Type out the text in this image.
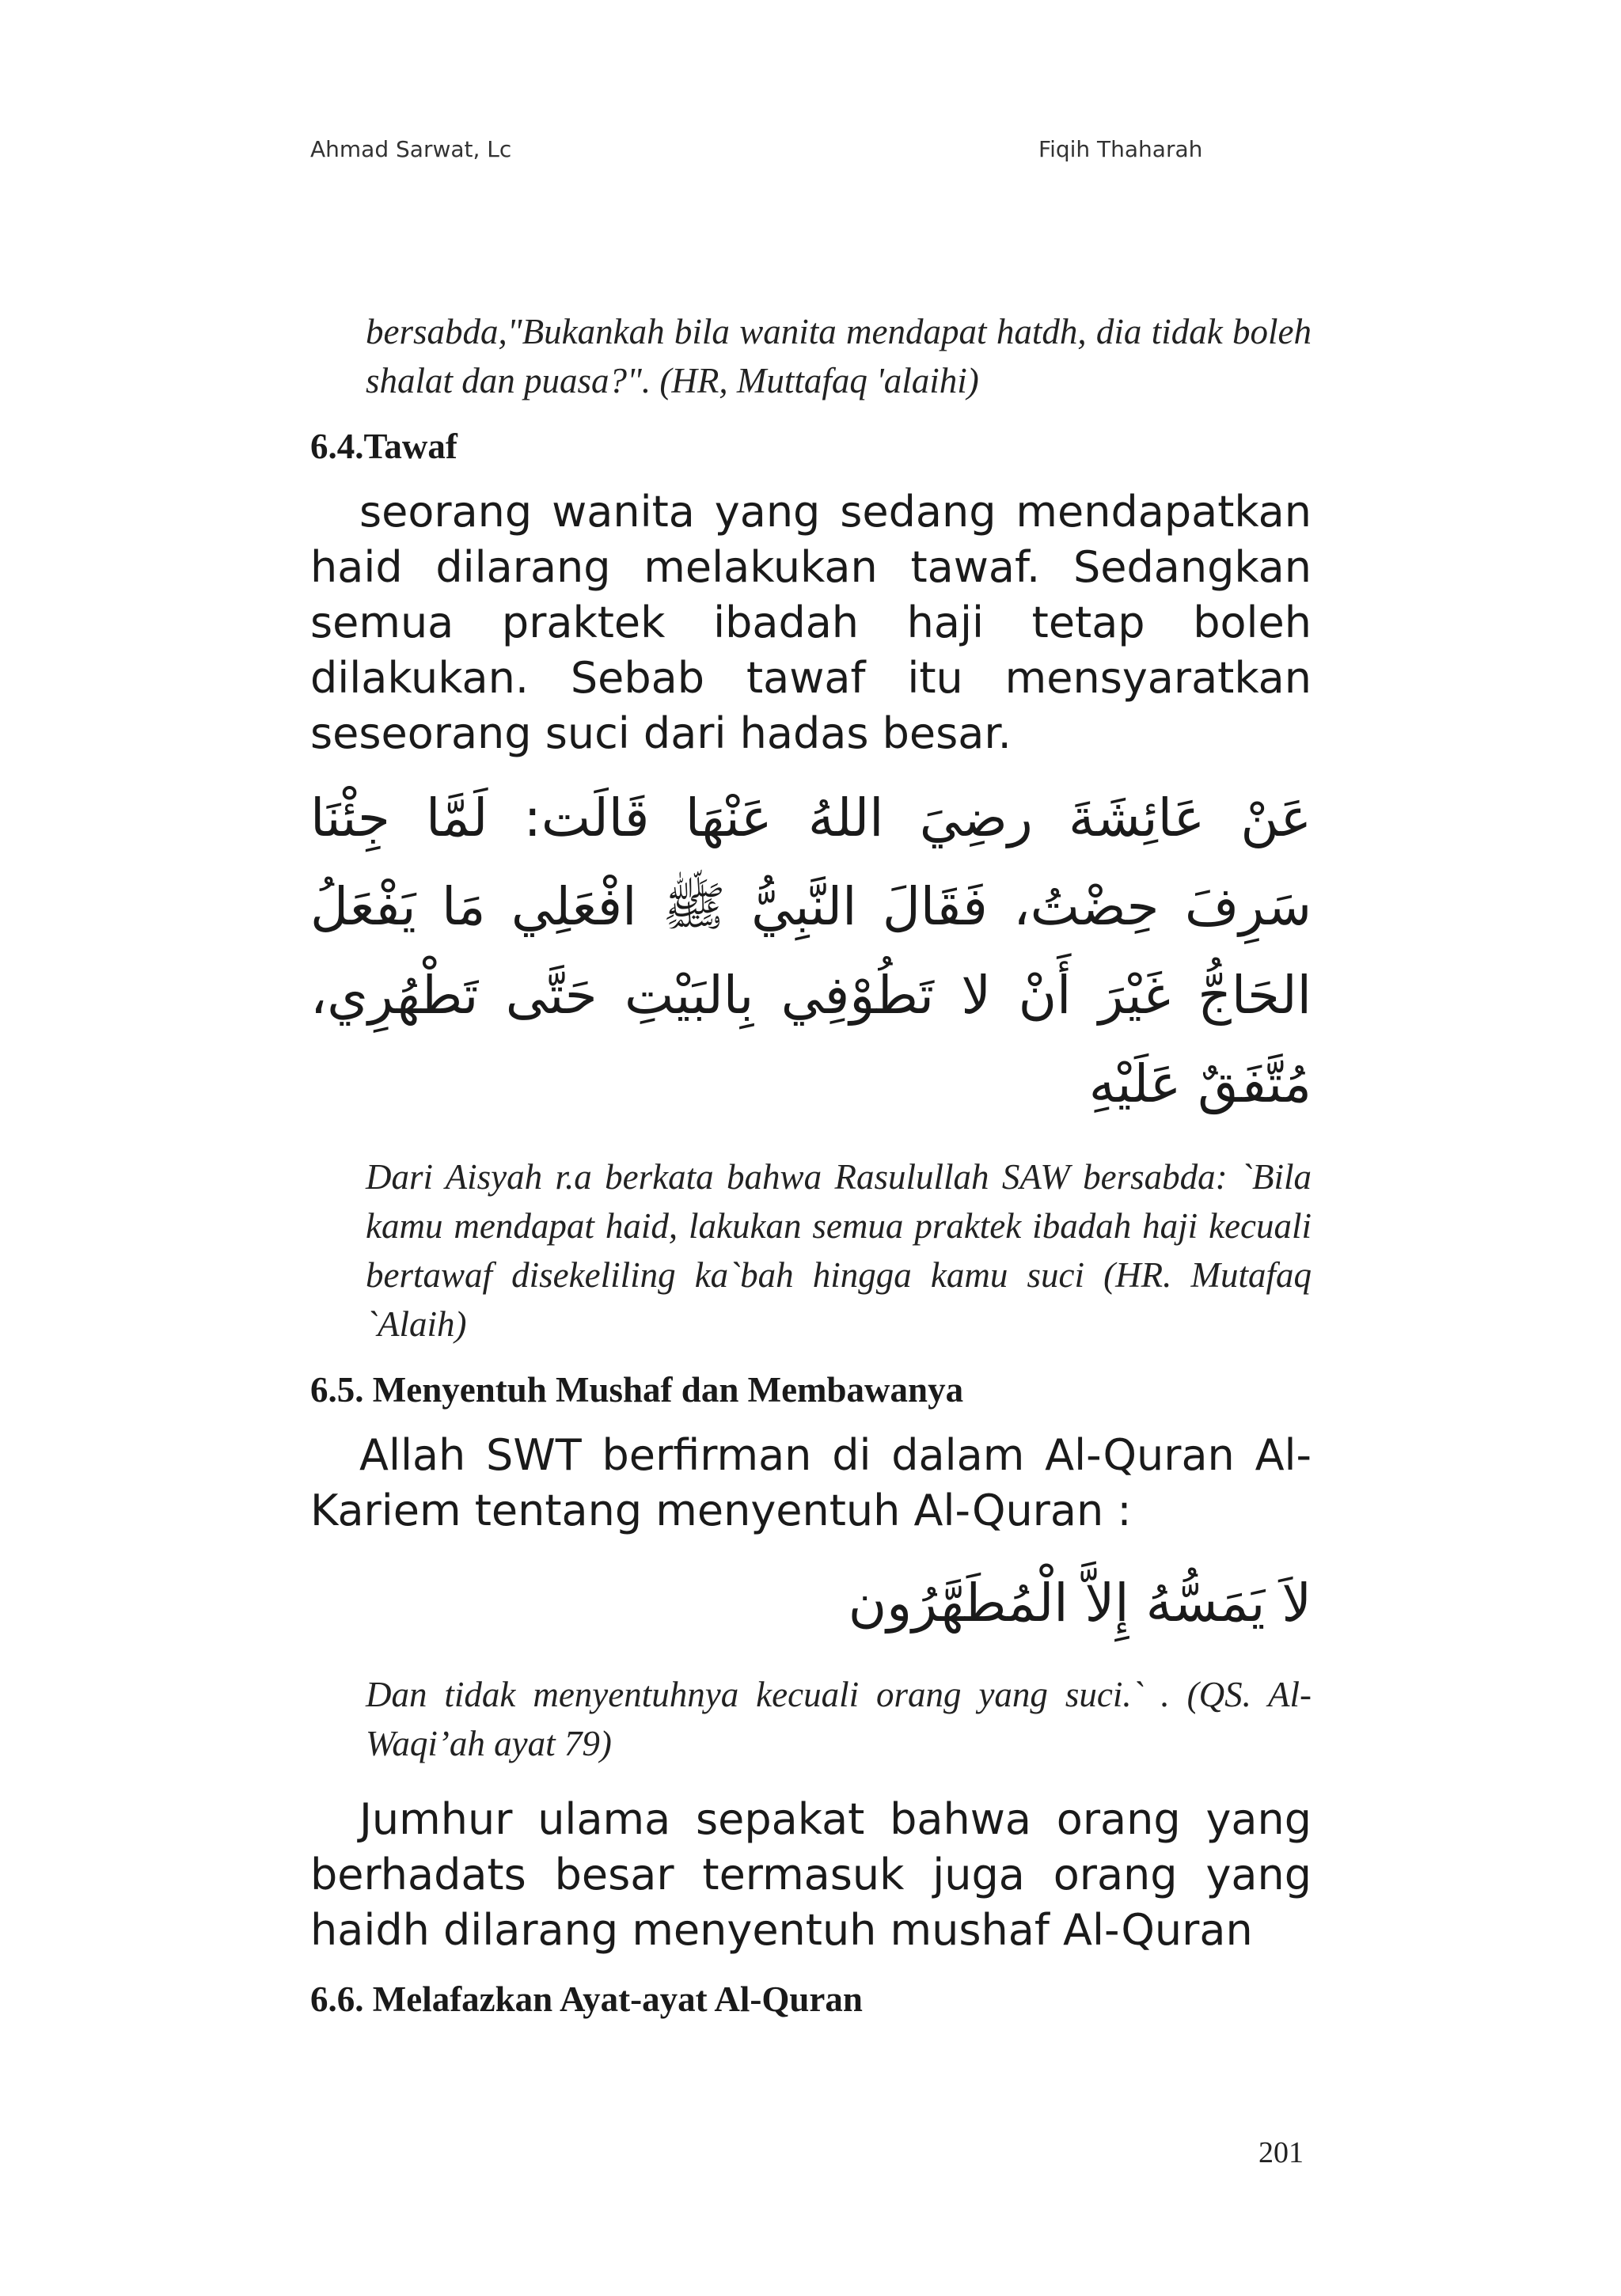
Ahmad Sarwat, Lc	Fiqih Thaharah

bersabda,"Bukankah bila wanita mendapat hatdh, dia tidak boleh shalat dan puasa?". (HR, Muttafaq 'alaihi)

6.4.Tawaf

seorang wanita yang sedang mendapatkan haid dilarang melakukan tawaf. Sedangkan semua praktek ibadah haji tetap boleh dilakukan. Sebab tawaf itu mensyaratkan seseorang suci dari hadas besar.

عَنْ عَائِشَةَ رضِيَ اللهُ عَنْهَا قَالَت: لَمَّا جِئْنَا سَرِفَ حِضْتُ، فَقَالَ النَّبِيُّ ﷺ افْعَلِي مَا يَفْعَلُ الحَاجُّ غَيْرَ أَنْ لا تَطُوْفِي بِالبَيْتِ حَتَّى تَطْهُرِي، مُتَّفَقٌ عَلَيْهِ

Dari Aisyah r.a berkata bahwa Rasulullah SAW bersabda: `Bila kamu mendapat haid, lakukan semua praktek ibadah haji kecuali bertawaf disekeliling ka`bah hingga kamu suci (HR. Mutafaq `Alaih)

6.5. Menyentuh Mushaf dan Membawanya

Allah SWT berfirman di dalam Al-Quran Al-Kariem tentang menyentuh Al-Quran :

لاَ يَمَسُّهُ إِلاَّ الْمُطَهَّرُون

Dan tidak menyentuhnya kecuali orang yang suci.` . (QS. Al-Waqi’ah ayat 79)

Jumhur ulama sepakat bahwa orang yang berhadats besar termasuk juga orang yang haidh dilarang menyentuh mushaf Al-Quran

6.6. Melafazkan Ayat-ayat Al-Quran
201
